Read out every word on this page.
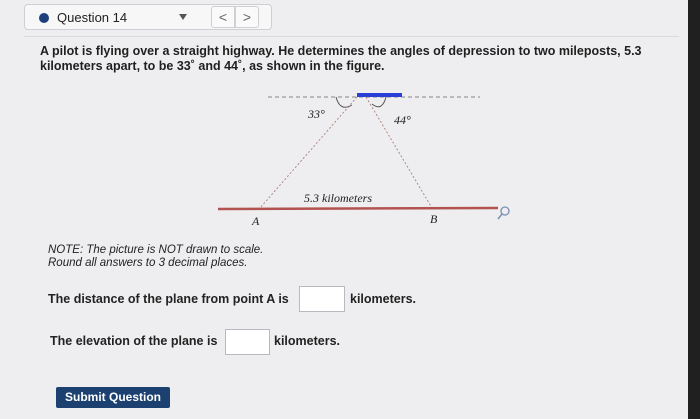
Question 14	<	>
A pilot is flying over a straight highway. He determines the angles of depression to two mileposts, 5.3 kilometers apart, to be 33˚ and 44˚, as shown in the figure.
33°	44°
5.3 kilometers
A	B
NOTE: The picture is NOT drawn to scale.
Round all answers to 3 decimal places.
The distance of the plane from point A is	kilometers.
The elevation of the plane is	kilometers.
Submit Question
